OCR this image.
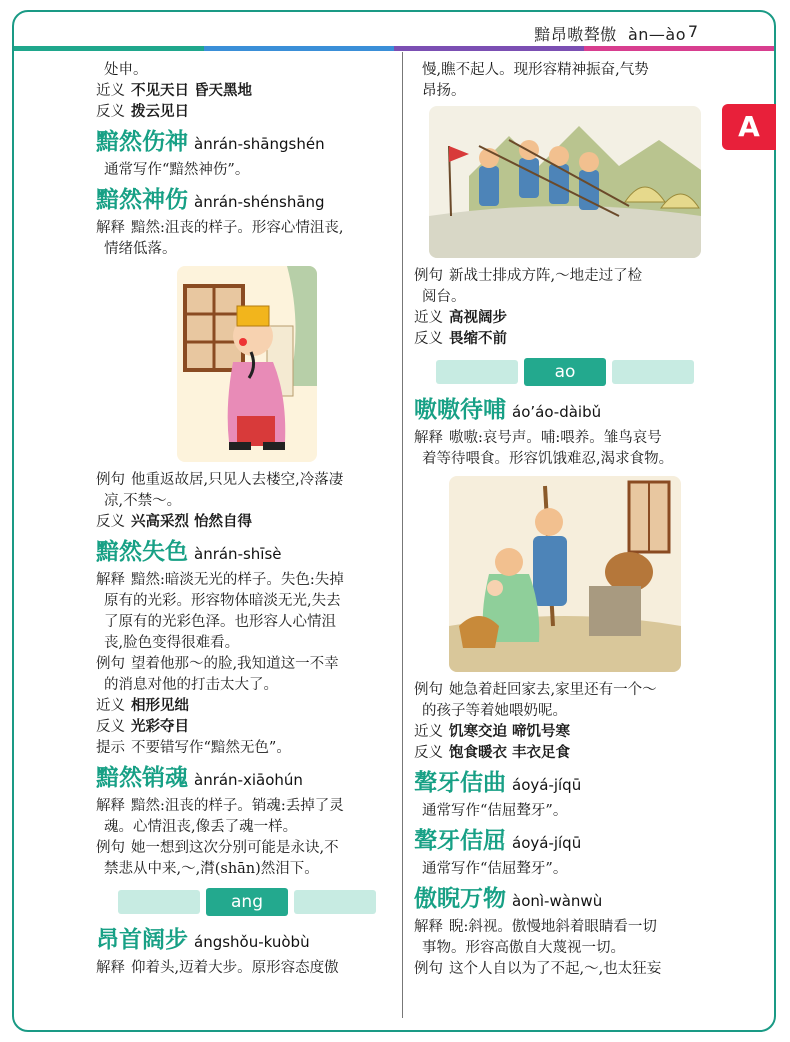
黯昂嗷聱傲 àn—ào 7
A

处申。

近义 不见天日 昏天黑地

反义 拨云见日

黯然伤神 ànrán-shāngshén

通常写作“黯然神伤”。

黯然神伤 ànrán-shénshāng

解释 黯然:沮丧的样子。形容心情沮丧,

情绪低落。

例句 他重返故居,只见人去楼空,冷落凄

凉,不禁～。

反义 兴高采烈 怡然自得

黯然失色 ànrán-shīsè

解释 黯然:暗淡无光的样子。失色:失掉

原有的光彩。形容物体暗淡无光,失去

了原有的光彩色泽。也形容人心情沮

丧,脸色变得很难看。

例句 望着他那～的脸,我知道这一不幸

的消息对他的打击太大了。

近义 相形见绌

反义 光彩夺目

提示 不要错写作“黯然无色”。

黯然销魂 ànrán-xiāohún

解释 黯然:沮丧的样子。销魂:丢掉了灵

魂。心情沮丧,像丢了魂一样。

例句 她一想到这次分别可能是永诀,不

禁悲从中来,～,潸(shān)然泪下。

ang
昂首阔步 ángshǒu-kuòbù

解释 仰着头,迈着大步。原形容态度傲

慢,瞧不起人。现形容精神振奋,气势

昂扬。

例句 新战士排成方阵,～地走过了检

阅台。

近义 高视阔步

反义 畏缩不前

ao
嗷嗷待哺 áo’áo-dàibǔ

解释 嗷嗷:哀号声。哺:喂养。雏鸟哀号

着等待喂食。形容饥饿难忍,渴求食物。

例句 她急着赶回家去,家里还有一个～

的孩子等着她喂奶呢。

近义 饥寒交迫 啼饥号寒

反义 饱食暖衣 丰衣足食

聱牙佶曲 áoyá-jíqū

通常写作“佶屈聱牙”。

聱牙佶屈 áoyá-jíqū

通常写作“佶屈聱牙”。

傲睨万物 àonì-wànwù

解释 睨:斜视。傲慢地斜着眼睛看一切

事物。形容高傲自大蔑视一切。

例句 这个人自以为了不起,～,也太狂妄
